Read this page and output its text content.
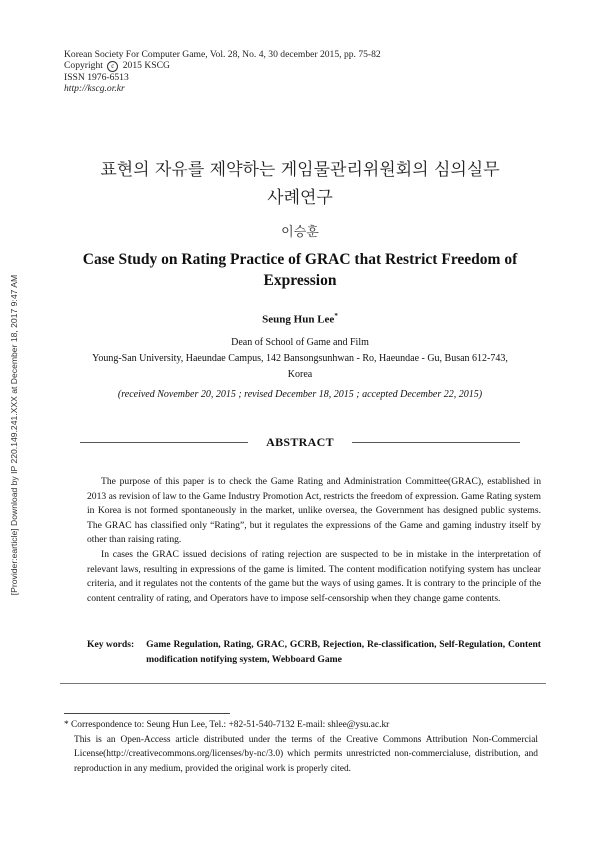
[Provider:earticle] Download by IP 220.149.241.XXX at December 18, 2017 9:47 AM
Korean Society For Computer Game, Vol. 28, No. 4, 30 december 2015, pp. 75-82
Copyright c 2015 KSCG
ISSN 1976-6513
http://kscg.or.kr
표현의 자유를 제약하는 게임물관리위원회의 심의실무
사례연구
이승훈
Case Study on Rating Practice of GRAC that Restrict Freedom of Expression
Seung Hun Lee*
Dean of School of Game and Film
Young-San University, Haeundae Campus, 142 Bansongsunhwan - Ro, Haeundae - Gu, Busan 612-743,
Korea
(received November 20, 2015 ; revised December 18, 2015 ; accepted December 22, 2015)
ABSTRACT

The purpose of this paper is to check the Game Rating and Administration Committee(GRAC), established in 2013 as revision of law to the Game Industry Promotion Act, restricts the freedom of expression. Game Rating system in Korea is not formed spontaneously in the market, unlike oversea, the Government has designed public systems. The GRAC has classified only “Rating”, but it regulates the expressions of the Game and gaming industry itself by other than raising rating.

In cases the GRAC issued decisions of rating rejection are suspected to be in mistake in the interpretation of relevant laws, resulting in expressions of the game is limited. The content modification notifying system has unclear criteria, and it regulates not the contents of the game but the ways of using games. It is contrary to the principle of the content centrality of rating, and Operators have to impose self-censorship when they change game contents.

Key words: Game Regulation, Rating, GRAC, GCRB, Rejection, Re-classification, Self-Regulation, Content modification notifying system, Webboard Game
* Correspondence to: Seung Hun Lee, Tel.: +82-51-540-7132 E-mail: shlee@ysu.ac.kr
This is an Open-Access article distributed under the terms of the Creative Commons Attribution Non-Commercial License(http://creativecommons.org/licenses/by-nc/3.0) which permits unrestricted non-commercialuse, distribution, and reproduction in any medium, provided the original work is properly cited.
